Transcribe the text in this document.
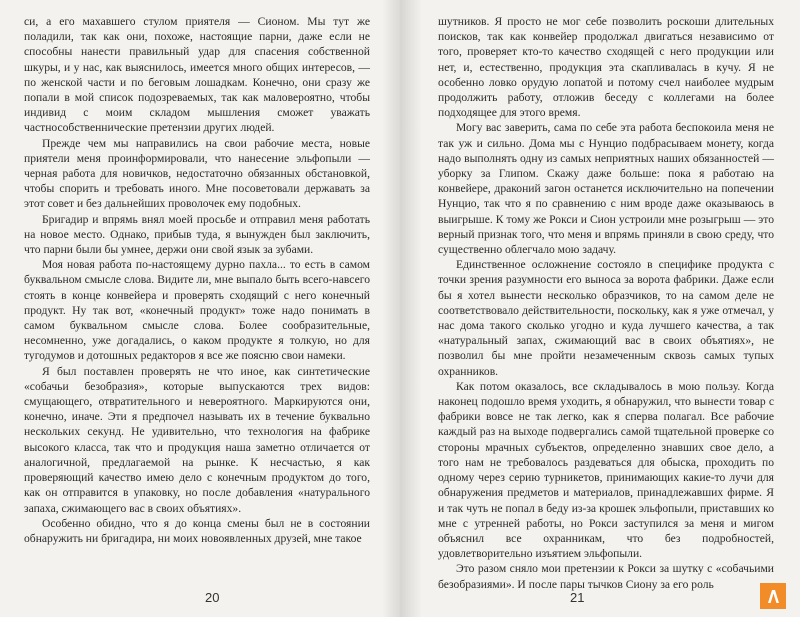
си, а его махавшего стулом приятеля — Сионом. Мы тут же поладили, так как они, похоже, настоящие парни, даже если не способны нанести правильный удар для спасения собственной шкуры, и у нас, как выяснилось, имеется много общих интересов, — по женской части и по беговым лошадкам. Конечно, они сразу же попали в мой список подозреваемых, так как маловероятно, чтобы индивид с моим складом мышления сможет уважать частнособственнические претензии других людей.

Прежде чем мы направились на свои рабочие места, новые приятели меня проинформировали, что нанесение эльфопыли — черная работа для новичков, недостаточно обязанных обстановкой, чтобы спорить и требовать иного. Мне посоветовали державать за этот совет и без дальнейших проволочек ему подобных.

Бригадир и впрямь внял моей просьбе и отправил меня работать на новое место. Однако, прибыв туда, я вынужден был заключить, что парни были бы умнее, держи они свой язык за зубами.

Моя новая работа по-настоящему дурно пахла... то есть в самом буквальном смысле слова. Видите ли, мне выпало быть всего-навсего стоять в конце конвейера и проверять сходящий с него конечный продукт. Ну так вот, «конечный продукт» тоже надо понимать в самом буквальном смысле слова. Более сообразительные, несомненно, уже догадались, о каком продукте я толкую, но для тугодумов и дотошных редакторов я все же поясню свои намеки.

Я был поставлен проверять не что иное, как синтетические «собачьи безобразия», которые выпускаются трех видов: смущающего, отвратительного и невероятного. Маркируются они, конечно, иначе. Эти я предпочел называть их в течение буквально нескольких секунд. Не удивительно, что технология на фабрике высокого класса, так что и продукция наша заметно отличается от аналогичной, предлагаемой на рынке. К несчастью, я как проверяющий качество имею дело с конечным продуктом до того, как он отправится в упаковку, но после добавления «натурального запаха, сжимающего вас в своих объятиях».

Особенно обидно, что я до конца смены был не в состоянии обнаружить ни бригадира, ни моих новоявленных друзей, мне такое

20

шутников. Я просто не мог себе позволить роскоши длительных поисков, так как конвейер продолжал двигаться независимо от того, проверяет кто-то качество сходящей с него продукции или нет, и, естественно, продукция эта скапливалась в кучу. Я не особенно ловко орудую лопатой и потому счел наиболее мудрым продолжить работу, отложив беседу с коллегами на более подходящее для этого время.

Могу вас заверить, сама по себе эта работа беспокоила меня не так уж и сильно. Дома мы с Нунцио подбрасываем монету, когда надо выполнять одну из самых неприятных наших обязанностей — уборку за Глипом. Скажу даже больше: пока я работаю на конвейере, драконий загон останется исключительно на попечении Нунцио, так что я по сравнению с ним вроде даже оказываюсь в выигрыше. К тому же Рокси и Сион устроили мне розыгрыш — это верный признак того, что меня и впрямь приняли в свою среду, что существенно облегчало мою задачу.

Единственное осложнение состояло в специфике продукта с точки зрения разумности его выноса за ворота фабрики. Даже если бы я хотел вынести несколько образчиков, то на самом деле не соответствовало действительности, поскольку, как я уже отмечал, у нас дома такого сколько угодно и куда лучшего качества, а так «натуральный запах, сжимающий вас в своих объятиях», не позволил бы мне пройти незамеченным сквозь самых тупых охранников.

Как потом оказалось, все складывалось в мою пользу. Когда наконец подошло время уходить, я обнаружил, что вынести товар с фабрики вовсе не так легко, как я сперва полагал. Все рабочие каждый раз на выходе подвергались самой тщательной проверке со стороны мрачных субъектов, определенно знавших свое дело, а того нам не требовалось раздеваться для обыска, проходить по одному через серию турникетов, принимающих какие-то лучи для обнаружения предметов и материалов, принадлежавших фирме. Я и так чуть не попал в беду из-за крошек эльфопыли, приставших ко мне с утренней работы, но Рокси заступился за меня и мигом объяснил все охранникам, что без подробностей, удовлетворительно изъятием эльфопыли.

Это разом сняло мои претензии к Рокси за шутку с «собачьими безобразиями». И после пары тычков Сиону за его роль

21
